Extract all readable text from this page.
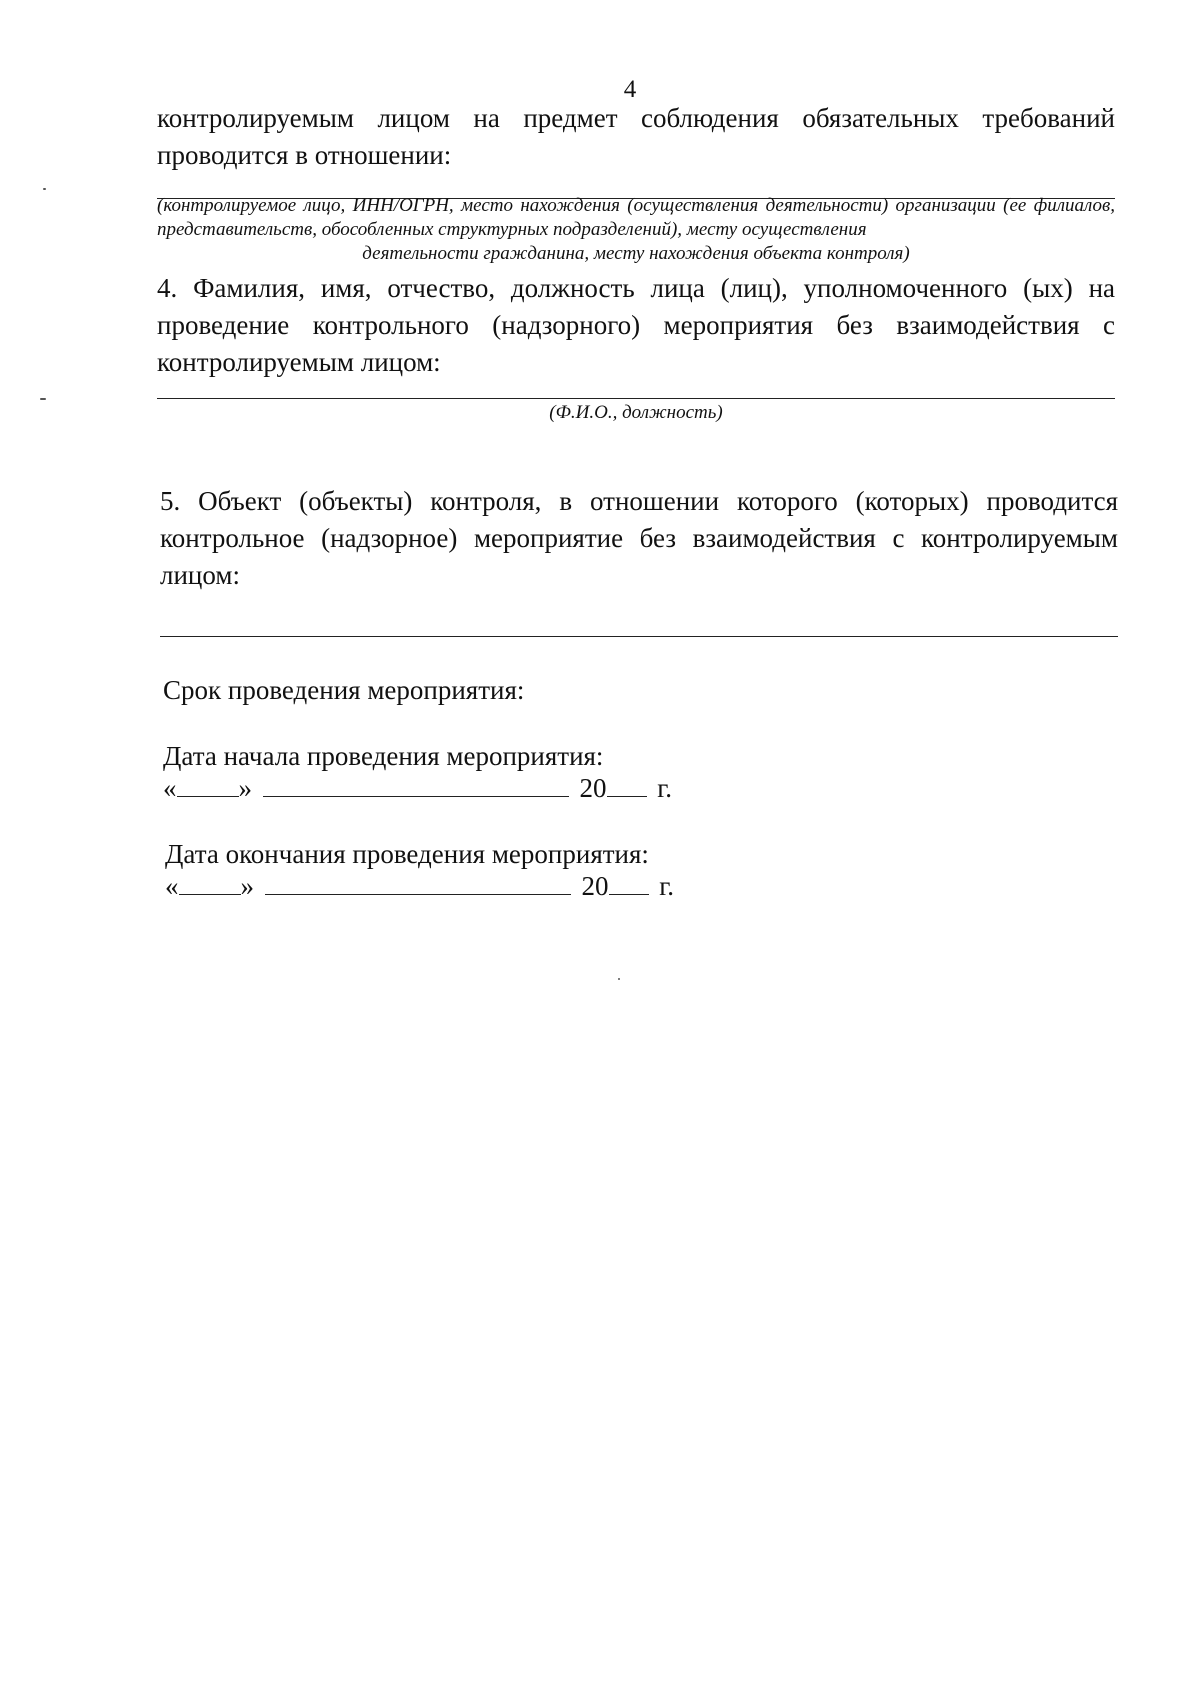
4
контролируемым лицом на предмет соблюдения обязательных требований проводится в отношении:
(контролируемое лицо, ИНН/ОГРН, место нахождения (осуществления деятельности) организации (ее филиалов, представительств, обособленных структурных подразделений), месту осуществления
деятельности гражданина, месту нахождения объекта контроля)
4. Фамилия, имя, отчество, должность лица (лиц), уполномоченного (ых) на проведение контрольного (надзорного) мероприятия без взаимодействия с контролируемым лицом:
(Ф.И.О., должность)
5. Объект (объекты) контроля, в отношении которого (которых) проводится контрольное (надзорное) мероприятие без взаимодействия с контролируемым лицом:
Срок проведения мероприятия:
Дата начала проведения мероприятия:
« »	20 г.
Дата окончания проведения мероприятия:
« »	20 г.
